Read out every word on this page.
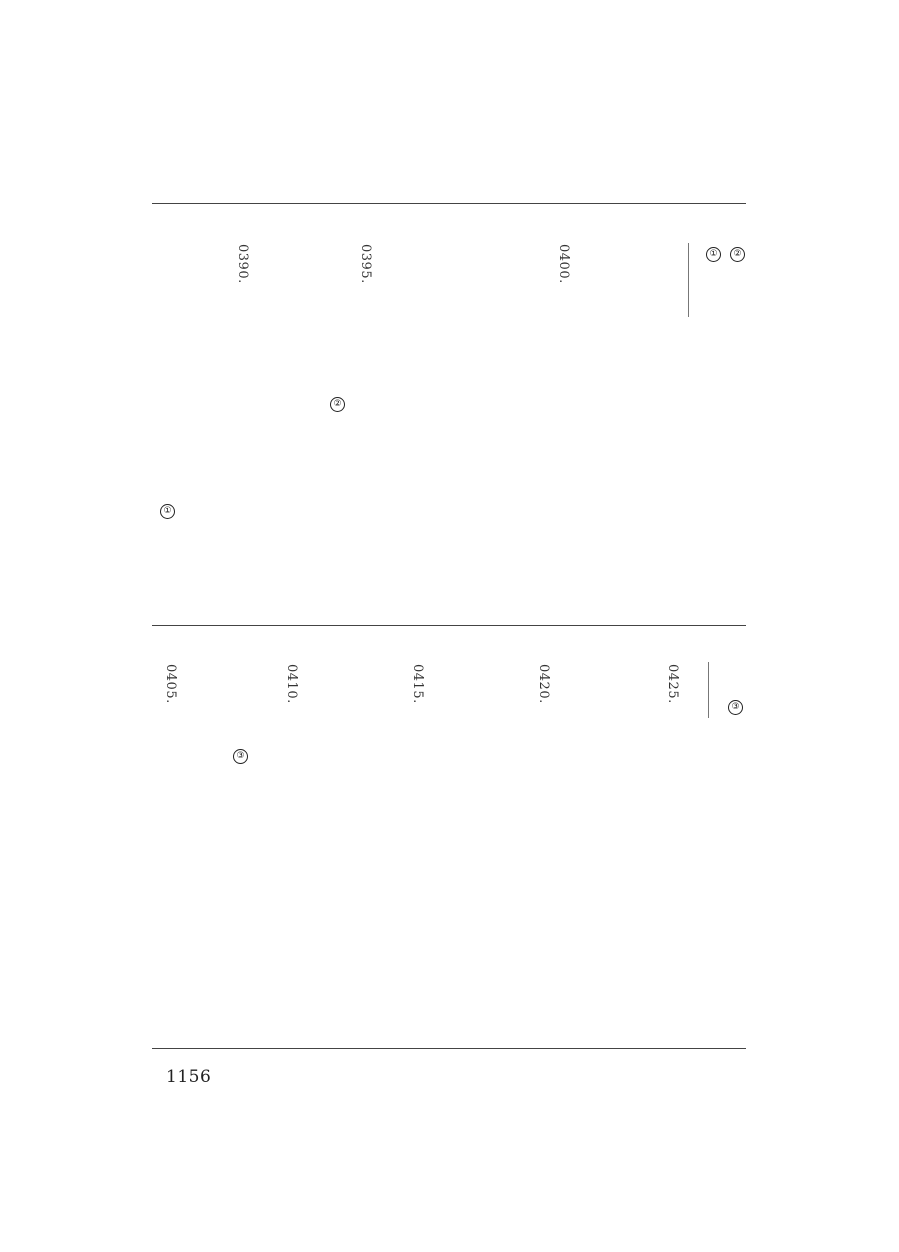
②
①
0400.
0395.
②
0390.
①
③
0425.
0420.
0415.
0410.
③
0405.
1156
